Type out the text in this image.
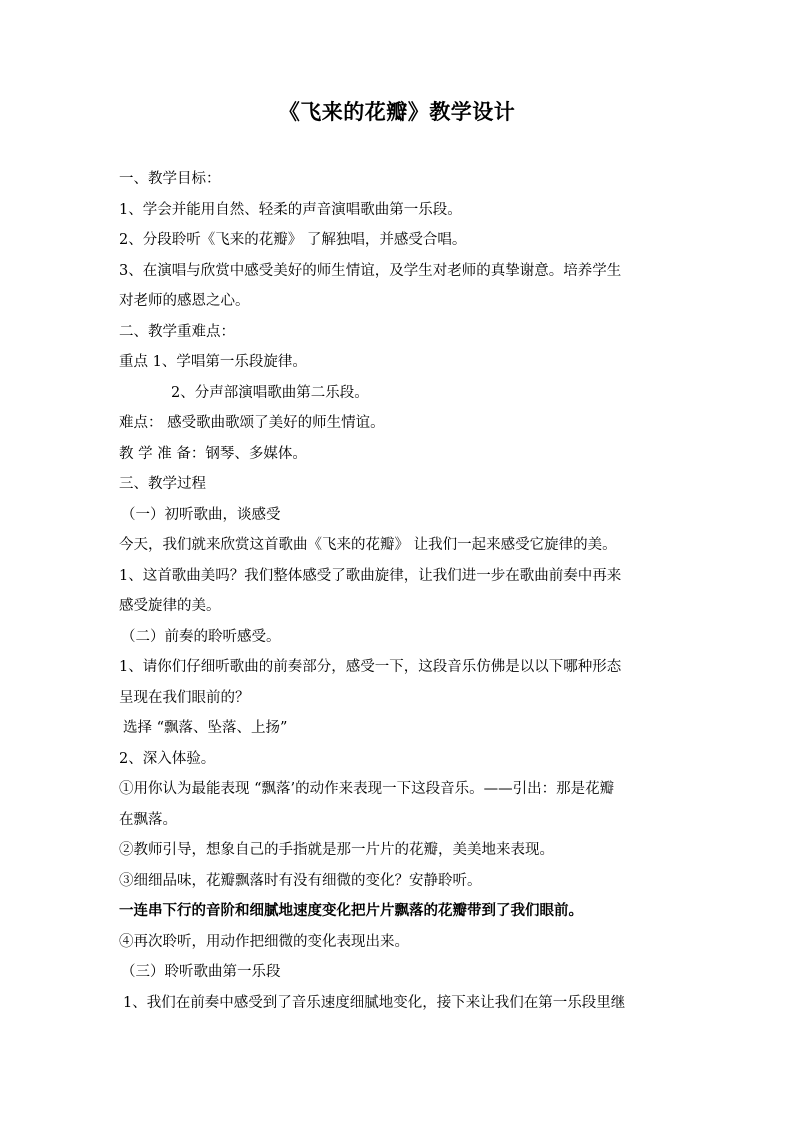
《飞来的花瓣》教学设计
一、教学目标：
1、学会并能用自然、轻柔的声音演唱歌曲第一乐段。
2、分段聆听《飞来的花瓣》 了解独唱，并感受合唱。
3、在演唱与欣赏中感受美好的师生情谊，及学生对老师的真挚谢意。培养学生
对老师的感恩之心。
二、教学重难点：
重点 1、学唱第一乐段旋律。
2、分声部演唱歌曲第二乐段。
难点： 感受歌曲歌颂了美好的师生情谊。
教 学 准 备：钢琴、多媒体。
三、教学过程
（一）初听歌曲，谈感受
今天，我们就来欣赏这首歌曲《飞来的花瓣》 让我们一起来感受它旋律的美。
1、这首歌曲美吗？我们整体感受了歌曲旋律，让我们进一步在歌曲前奏中再来
感受旋律的美。
（二）前奏的聆听感受。
1、请你们仔细听歌曲的前奏部分，感受一下，这段音乐仿佛是以以下哪种形态
呈现在我们眼前的？
选择 “飘落、坠落、上扬”
2、深入体验。
①用你认为最能表现 “飘落’的动作来表现一下这段音乐。——引出：那是花瓣
在飘落。
②教师引导，想象自己的手指就是那一片片的花瓣，美美地来表现。
③细细品味，花瓣飘落时有没有细微的变化？安静聆听。
一连串下行的音阶和细腻地速度变化把片片飘落的花瓣带到了我们眼前。
④再次聆听，用动作把细微的变化表现出来。
（三）聆听歌曲第一乐段
1、我们在前奏中感受到了音乐速度细腻地变化，接下来让我们在第一乐段里继
